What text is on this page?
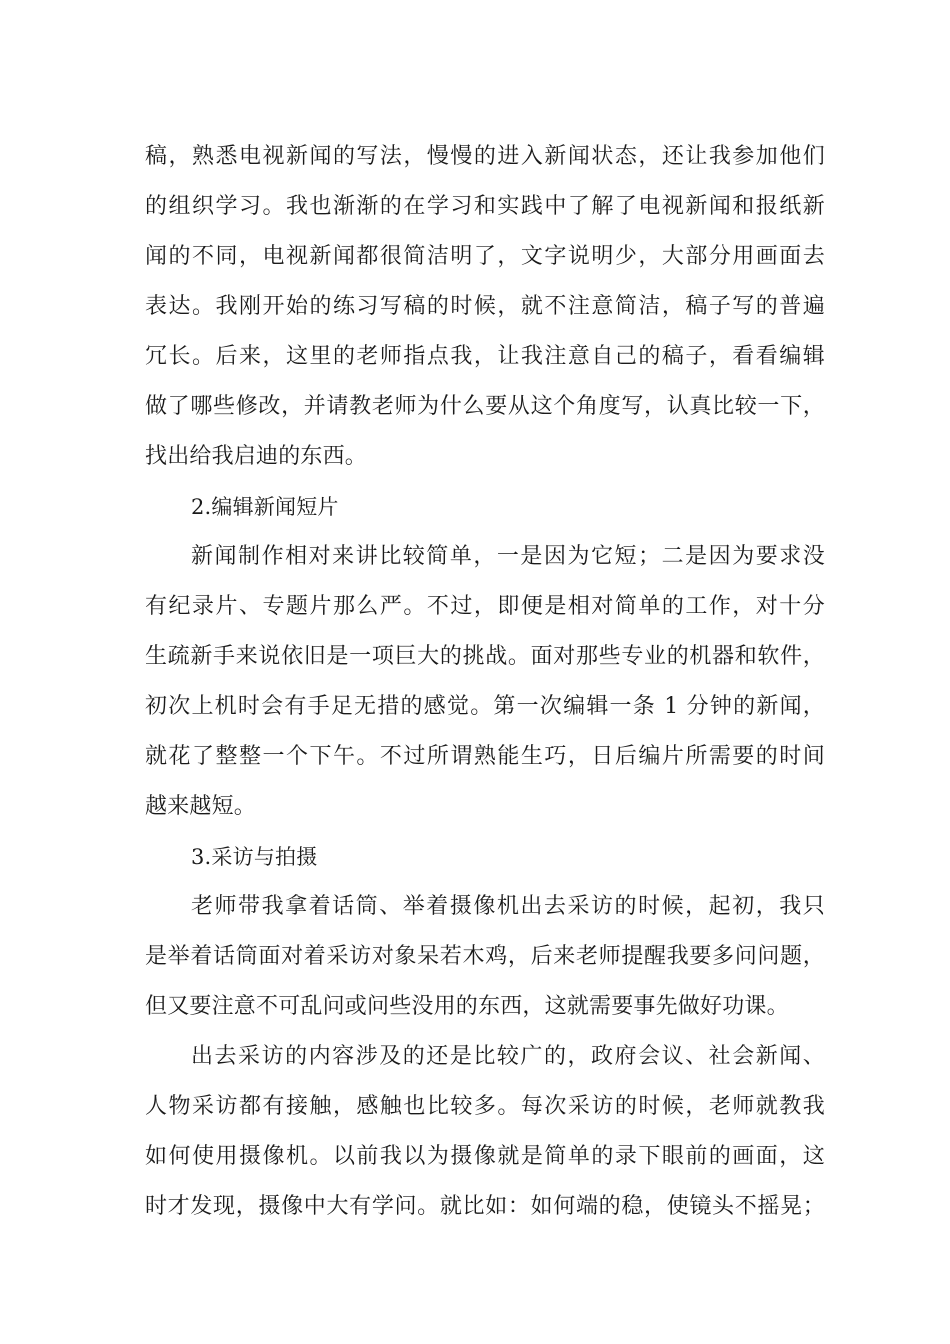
稿，熟悉电视新闻的写法，慢慢的进入新闻状态，还让我参加他们
的组织学习。我也渐渐的在学习和实践中了解了电视新闻和报纸新
闻的不同，电视新闻都很简洁明了，文字说明少，大部分用画面去
表达。我刚开始的练习写稿的时候，就不注意简洁，稿子写的普遍
冗长。后来，这里的老师指点我，让我注意自己的稿子，看看编辑
做了哪些修改，并请教老师为什么要从这个角度写，认真比较一下，
找出给我启迪的东西。
2.编辑新闻短片
新闻制作相对来讲比较简单，一是因为它短；二是因为要求没
有纪录片、专题片那么严。不过，即便是相对简单的工作，对十分
生疏新手来说依旧是一项巨大的挑战。面对那些专业的机器和软件，
初次上机时会有手足无措的感觉。第一次编辑一条 1 分钟的新闻，
就花了整整一个下午。不过所谓熟能生巧，日后编片所需要的时间
越来越短。
3.采访与拍摄
老师带我拿着话筒、举着摄像机出去采访的时候，起初，我只
是举着话筒面对着采访对象呆若木鸡，后来老师提醒我要多问问题，
但又要注意不可乱问或问些没用的东西，这就需要事先做好功课。
出去采访的内容涉及的还是比较广的，政府会议、社会新闻、
人物采访都有接触，感触也比较多。每次采访的时候，老师就教我
如何使用摄像机。以前我以为摄像就是简单的录下眼前的画面，这
时才发现，摄像中大有学问。就比如：如何端的稳，使镜头不摇晃；
